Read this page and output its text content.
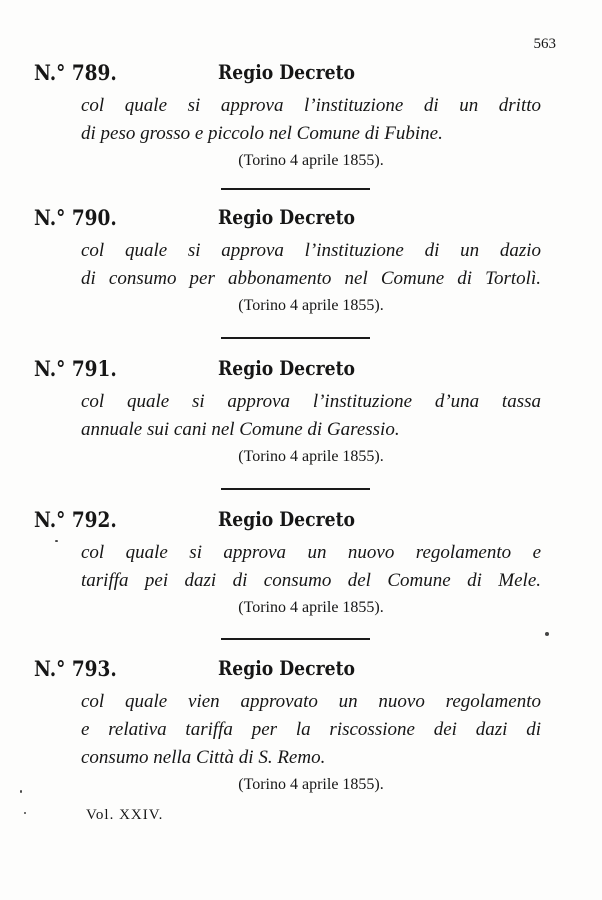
563
N.° 789.	Regio Decreto
col quale si approva l’instituzione di un dritto
di peso grosso e piccolo nel Comune di Fubine.
(Torino 4 aprile 1855).
N.° 790.	Regio Decreto
col quale si approva l’instituzione di un dazio
di consumo per abbonamento nel Comune di Tortolì.
(Torino 4 aprile 1855).
N.° 791.	Regio Decreto
col quale si approva l’instituzione d’una tassa
annuale sui cani nel Comune di Garessio.
(Torino 4 aprile 1855).
N.° 792.	Regio Decreto
col quale si approva un nuovo regolamento e
tariffa pei dazi di consumo del Comune di Mele.
(Torino 4 aprile 1855).
N.° 793.	Regio Decreto
col quale vien approvato un nuovo regolamento
e relativa tariffa per la riscossione dei dazi di
consumo nella Città di S. Remo.
(Torino 4 aprile 1855).
Vol. XXIV.
